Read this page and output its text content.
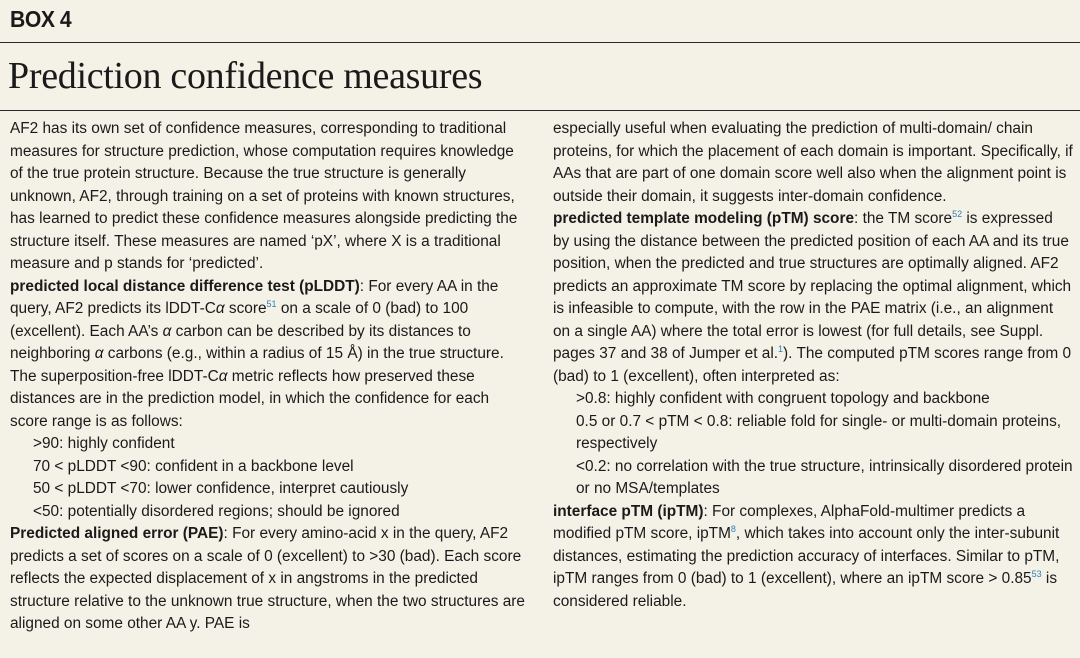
BOX 4
Prediction confidence measures

AF2 has its own set of confidence measures, corresponding to traditional measures for structure prediction, whose computation requires knowledge of the true protein structure. Because the true structure is generally unknown, AF2, through training on a set of proteins with known structures, has learned to predict these confidence measures alongside predicting the structure itself. These measures are named ‘pX’, where X is a traditional measure and p stands for ‘predicted’.

predicted local distance difference test (pLDDT): For every AA in the query, AF2 predicts its lDDT-Cα score$^{51}$ on a scale of 0 (bad) to 100 (excellent). Each AA’s α carbon can be described by its distances to neighboring α carbons (e.g., within a radius of 15 Å) in the true structure. The superposition-free lDDT-Cα metric reflects how preserved these distances are in the prediction model, in which the confidence for each score range is as follows:

>90: highly confident
70 < pLDDT <90: confident in a backbone level
50 < pLDDT <70: lower confidence, interpret cautiously
<50: potentially disordered regions; should be ignored

Predicted aligned error (PAE): For every amino-acid x in the query, AF2 predicts a set of scores on a scale of 0 (excellent) to >30 (bad). Each score reflects the expected displacement of x in angstroms in the predicted structure relative to the unknown true structure, when the two structures are aligned on some other AA y. PAE is

especially useful when evaluating the prediction of multi-domain/ chain proteins, for which the placement of each domain is important. Specifically, if AAs that are part of one domain score well also when the alignment point is outside their domain, it suggests inter-domain confidence.

predicted template modeling (pTM) score: the TM score$^{52}$ is expressed by using the distance between the predicted position of each AA and its true position, when the predicted and true structures are optimally aligned. AF2 predicts an approximate TM score by replacing the optimal alignment, which is infeasible to compute, with the row in the PAE matrix (i.e., an alignment on a single AA) where the total error is lowest (for full details, see Suppl. pages 37 and 38 of Jumper et al.$^1$). The computed pTM scores range from 0 (bad) to 1 (excellent), often interpreted as:

>0.8: highly confident with congruent topology and backbone
0.5 or 0.7 < pTM < 0.8: reliable fold for single- or multi-domain proteins, respectively
<0.2: no correlation with the true structure, intrinsically disordered protein or no MSA/templates

interface pTM (ipTM): For complexes, AlphaFold-multimer predicts a modified pTM score, ipTM$^8$, which takes into account only the inter-subunit distances, estimating the prediction accuracy of interfaces. Similar to pTM, ipTM ranges from 0 (bad) to 1 (excellent), where an ipTM score > $0.85^{53}$ is considered reliable.
